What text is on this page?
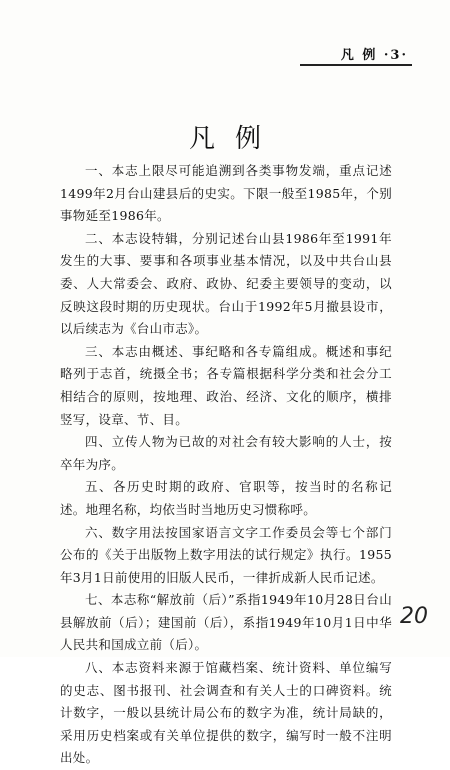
凡 例 ·3·
凡例

一、本志上限尽可能追溯到各类事物发端，重点记述1499年2月台山建县后的史实。下限一般至1985年，个别事物延至1986年。

二、本志设特辑，分别记述台山县1986年至1991年发生的大事、要事和各项事业基本情况，以及中共台山县委、人大常委会、政府、政协、纪委主要领导的变动，以反映这段时期的历史现状。台山于1992年5月撤县设市，以后续志为《台山市志》。

三、本志由概述、事纪略和各专篇组成。概述和事纪略列于志首，统摄全书；各专篇根据科学分类和社会分工相结合的原则，按地理、政治、经济、文化的顺序，横排竖写，设章、节、目。

四、立传人物为已故的对社会有较大影响的人士，按卒年为序。

五、各历史时期的政府、官职等，按当时的名称记述。地理名称，均依当时当地历史习惯称呼。

六、数字用法按国家语言文字工作委员会等七个部门公布的《关于出版物上数字用法的试行规定》执行。1955年3月1日前使用的旧版人民币，一律折成新人民币记述。

七、本志称“解放前（后）”系指1949年10月28日台山县解放前（后）；建国前（后），系指1949年10月1日中华人民共和国成立前（后）。

八、本志资料来源于馆藏档案、统计资料、单位编写的史志、图书报刊、社会调查和有关人士的口碑资料。统计数字，一般以县统计局公布的数字为准，统计局缺的，采用历史档案或有关单位提供的数字，编写时一般不注明出处。

20
